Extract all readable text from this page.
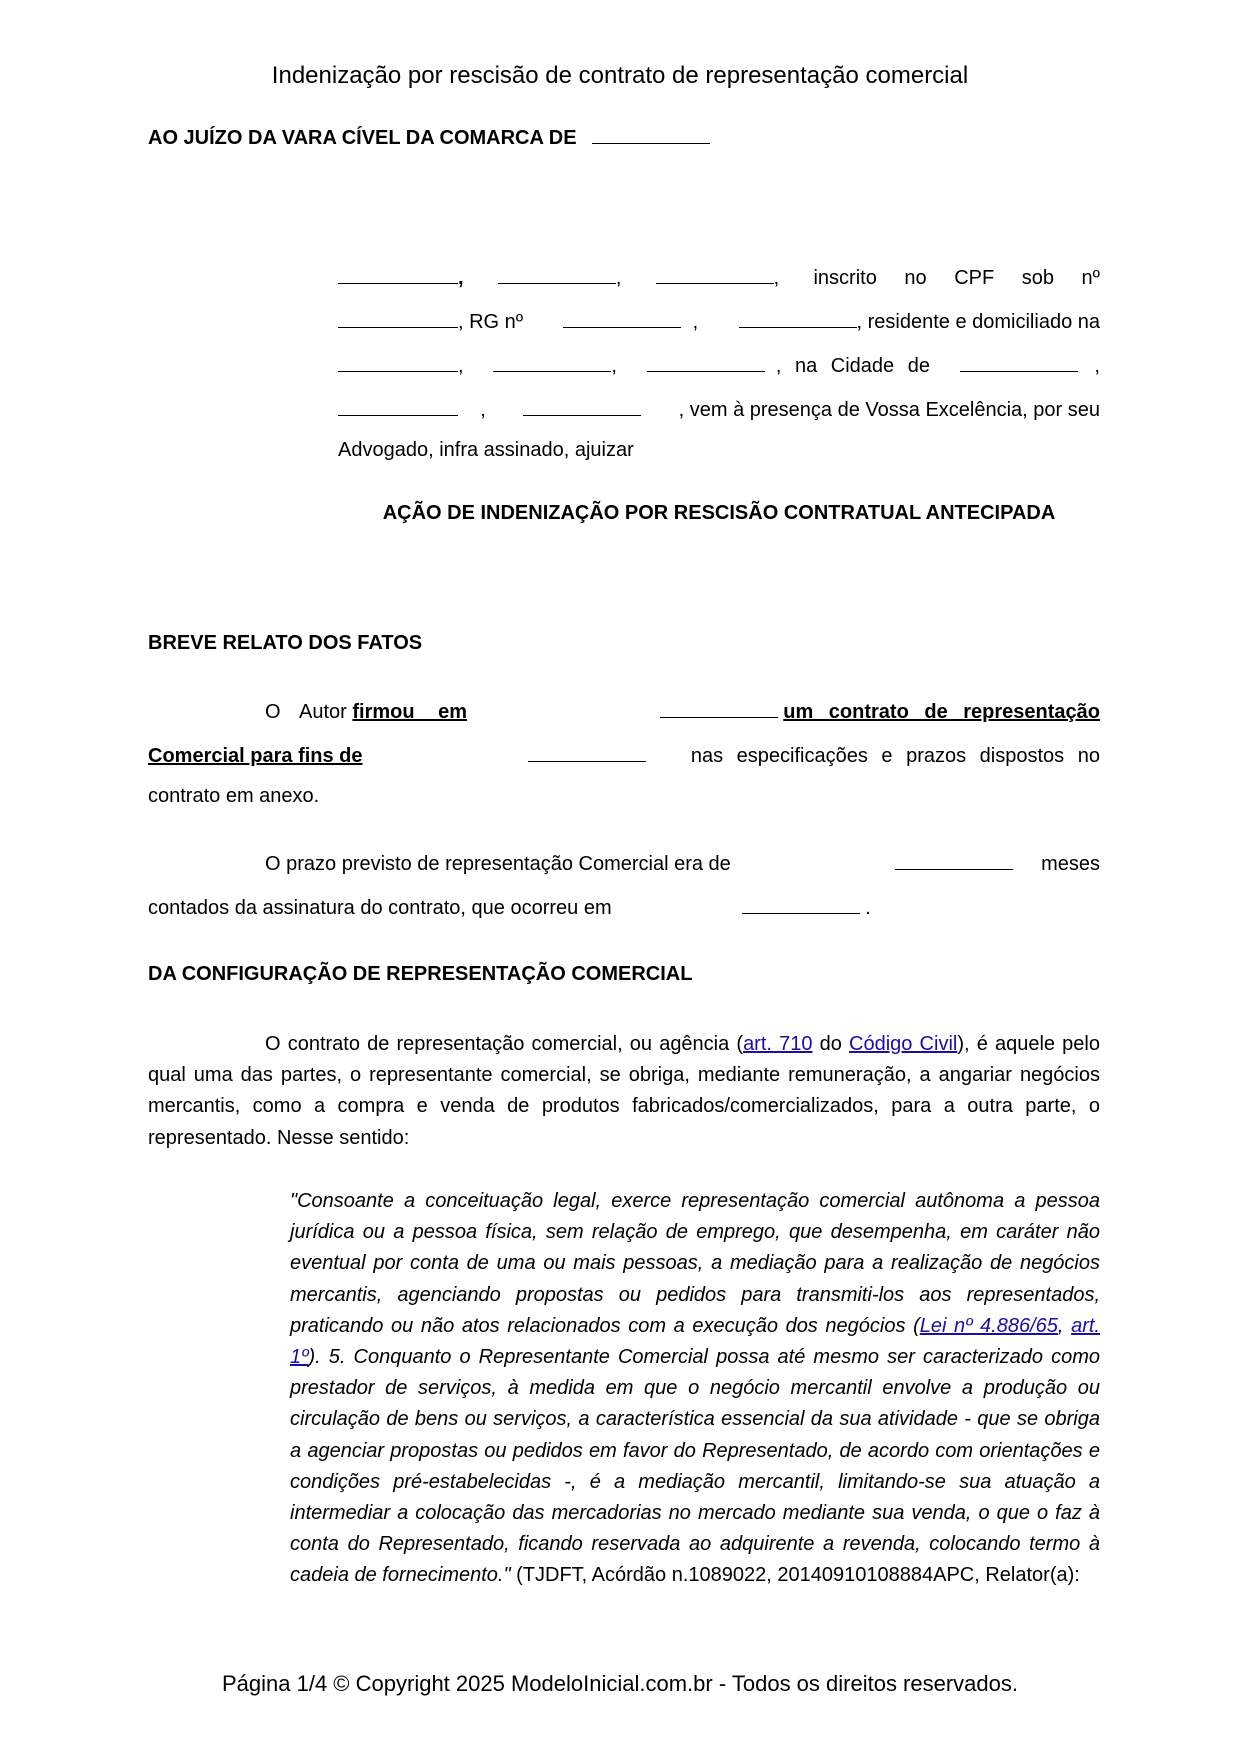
Indenização por rescisão de contrato de representação comercial
AO JUÍZO DA VARA CÍVEL DA COMARCA DE
,	,	, inscrito no CPF sob nº
, RG nº	,	, residente e domiciliado na
,	,	, na Cidade de	,
,	, vem à presença de Vossa Excelência, por seu
Advogado, infra assinado, ajuizar
AÇÃO DE INDENIZAÇÃO POR RESCISÃO CONTRATUAL ANTECIPADA
BREVE RELATO DOS FATOS
O Autor firmou em	um contrato de representação
Comercial para fins de	nas especificações e prazos dispostos no
contrato em anexo.
O prazo previsto de representação Comercial era de	meses
contados da assinatura do contrato, que ocorreu em	.
DA CONFIGURAÇÃO DE REPRESENTAÇÃO COMERCIAL
O contrato de representação comercial, ou agência (art. 710 do Código Civil), é aquele pelo qual uma das partes, o representante comercial, se obriga, mediante remuneração, a angariar negócios mercantis, como a compra e venda de produtos fabricados/comercializados, para a outra parte, o representado. Nesse sentido:
"Consoante a conceituação legal, exerce representação comercial autônoma a pessoa jurídica ou a pessoa física, sem relação de emprego, que desempenha, em caráter não eventual por conta de uma ou mais pessoas, a mediação para a realização de negócios mercantis, agenciando propostas ou pedidos para transmiti-los aos representados, praticando ou não atos relacionados com a execução dos negócios (Lei nº 4.886/65, art. 1º). 5. Conquanto o Representante Comercial possa até mesmo ser caracterizado como prestador de serviços, à medida em que o negócio mercantil envolve a produção ou circulação de bens ou serviços, a característica essencial da sua atividade - que se obriga a agenciar propostas ou pedidos em favor do Representado, de acordo com orientações e condições pré-estabelecidas -, é a mediação mercantil, limitando-se sua atuação a intermediar a colocação das mercadorias no mercado mediante sua venda, o que o faz à conta do Representado, ficando reservada ao adquirente a revenda, colocando termo à cadeia de fornecimento." (TJDFT, Acórdão n.1089022, 20140910108884APC, Relator(a):
Página 1/4 © Copyright 2025 ModeloInicial.com.br - Todos os direitos reservados.
